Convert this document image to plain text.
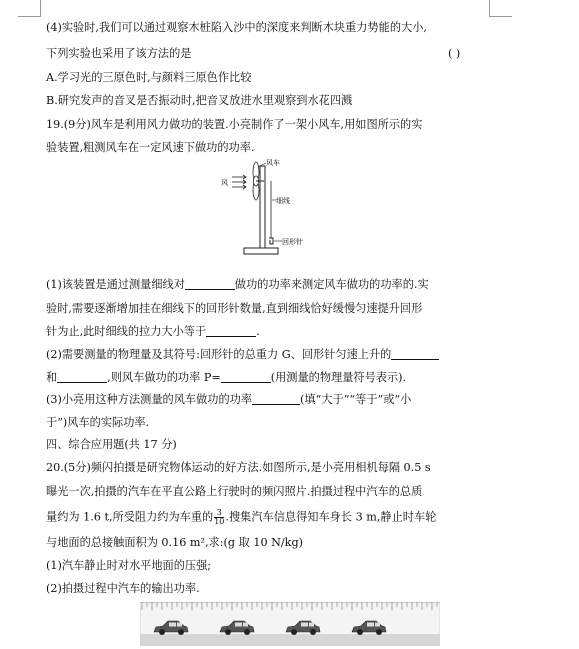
(4)实验时,我们可以通过观察木桩陷入沙中的深度来判断木块重力势能的大小,
下列实验也采用了该方法的是	( )
A.学习光的三原色时,与颜料三原色作比较
B.研究发声的音叉是否振动时,把音叉放进水里观察到水花四溅
19.(9分)风车是利用风力做功的装置.小亮制作了一架小风车,用如图所示的实
验装置,粗测风车在一定风速下做功的功率.
风车
风
细线
回形针
(1)该装置是通过测量细线对	做功的功率来测定风车做功的功率的.实
验时,需要逐渐增加挂在细线下的回形针数量,直到细线恰好缓慢匀速提升回形
针为止,此时细线的拉力大小等于	.
(2)需要测量的物理量及其符号:回形针的总重力 G、回形针匀速上升的
和	,则风车做功的功率 P=	(用测量的物理量符号表示).
(3)小亮用这种方法测量的风车做功的功率	(填“大于”“等于”或“小
于”)风车的实际功率.
四、综合应用题(共 17 分)
20.(5分)频闪拍摄是研究物体运动的好方法.如图所示,是小亮用相机每隔 0.5 s
曝光一次,拍摄的汽车在平直公路上行驶时的频闪照片.拍摄过程中汽车的总质
量约为 1.6 t,所受阻力约为车重的 $\frac{3}{10}$ .搜集汽车信息得知车身长 3 m,静止时车轮
与地面的总接触面积为 0.16 m²,求:(g 取 10 N/kg)
(1)汽车静止时对水平地面的压强;
(2)拍摄过程中汽车的输出功率.
